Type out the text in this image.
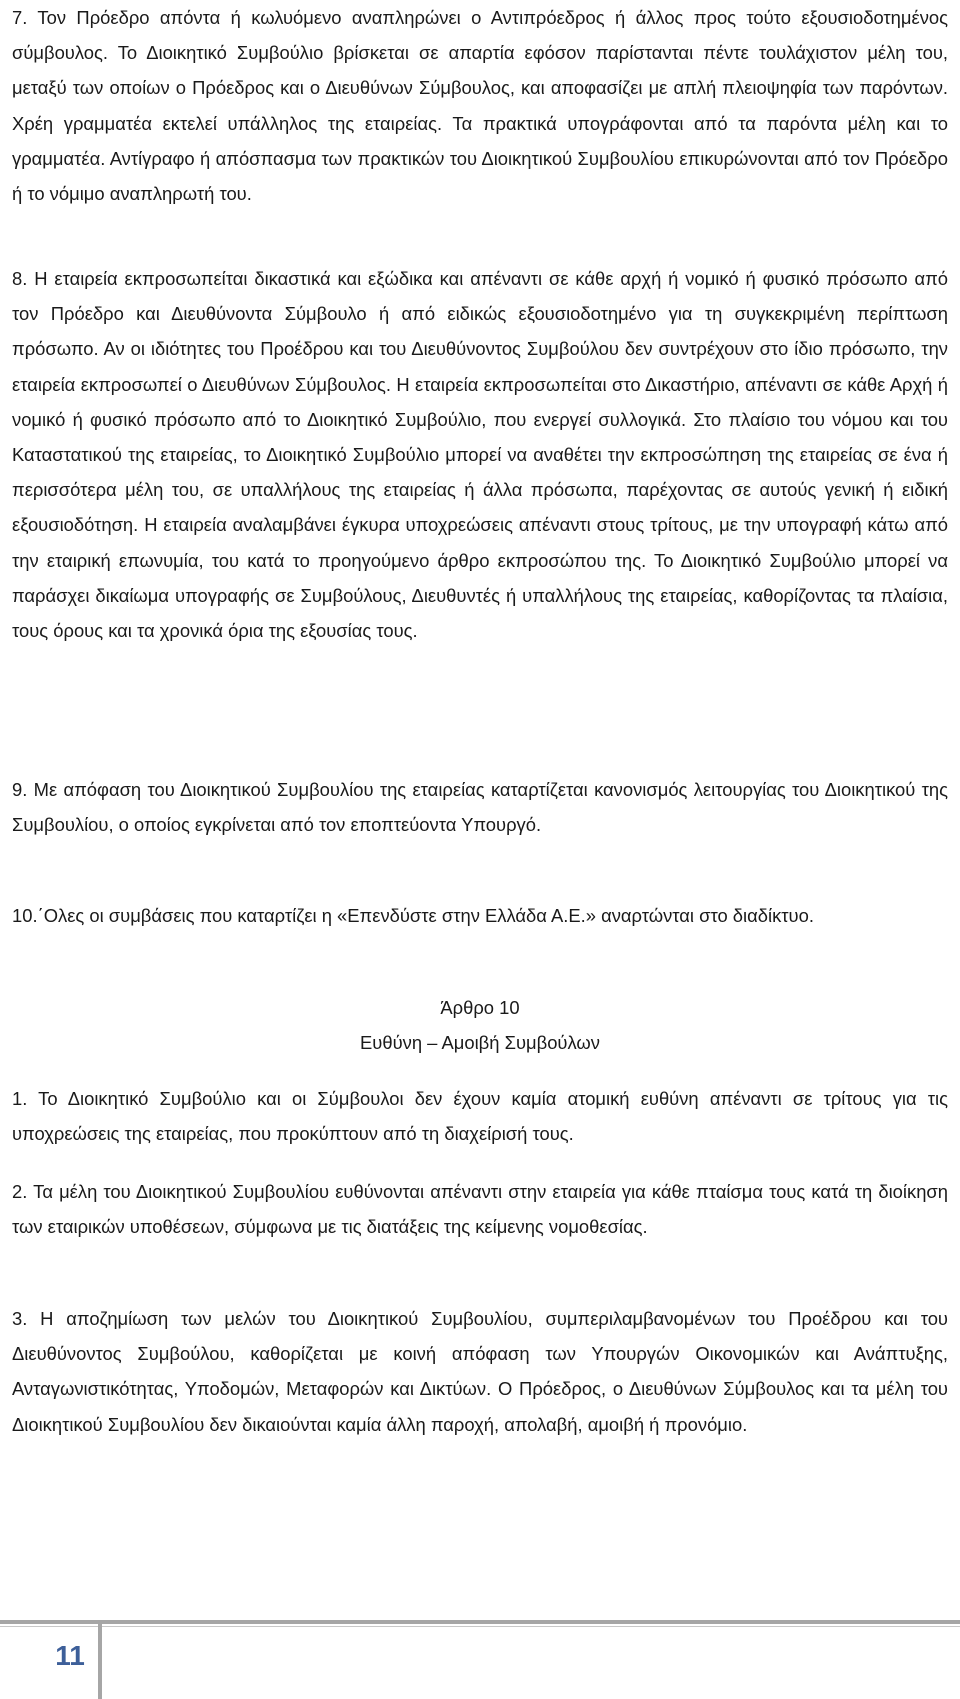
7. Τον Πρόεδρο απόντα ή κωλυόμενο αναπληρώνει ο Αντιπρόεδρος ή άλλος προς τούτο εξουσιοδοτημένος σύμβουλος. Το Διοικητικό Συμβούλιο βρίσκεται σε απαρτία εφόσον παρίστανται πέντε τουλάχιστον μέλη του, μεταξύ των οποίων ο Πρόεδρος και ο Διευθύνων Σύμβουλος, και αποφασίζει με απλή πλειοψηφία των παρόντων. Χρέη γραμματέα εκτελεί υπάλληλος της εταιρείας. Τα πρακτικά υπογράφονται από τα παρόντα μέλη και το γραμματέα. Αντίγραφο ή απόσπασμα των πρακτικών του Διοικητικού Συμβουλίου επικυρώνονται από τον Πρόεδρο ή το νόμιμο αναπληρωτή του.

8. Η εταιρεία εκπροσωπείται δικαστικά και εξώδικα και απέναντι σε κάθε αρχή ή νομικό ή φυσικό πρόσωπο από τον Πρόεδρο και Διευθύνοντα Σύμβουλο ή από ειδικώς εξουσιοδοτημένο για τη συγκεκριμένη περίπτωση πρόσωπο. Αν οι ιδιότητες του Προέδρου και του Διευθύνοντος Συμβούλου δεν συντρέχουν στο ίδιο πρόσωπο, την εταιρεία εκπροσωπεί ο Διευθύνων Σύμβουλος. Η εταιρεία εκπροσωπείται στο Δικαστήριο, απέναντι σε κάθε Αρχή ή νομικό ή φυσικό πρόσωπο από το Διοικητικό Συμβούλιο, που ενεργεί συλλογικά. Στο πλαίσιο του νόμου και του Καταστατικού της εταιρείας, το Διοικητικό Συμβούλιο μπορεί να αναθέτει την εκπροσώπηση της εταιρείας σε ένα ή περισσότερα μέλη του, σε υπαλλήλους της εταιρείας ή άλλα πρόσωπα, παρέχοντας σε αυτούς γενική ή ειδική εξουσιοδότηση. Η εταιρεία αναλαμβάνει έγκυρα υποχρεώσεις απέναντι στους τρίτους, με την υπογραφή κάτω από την εταιρική επωνυμία, του κατά το προηγούμενο άρθρο εκπροσώπου της. Το Διοικητικό Συμβούλιο μπορεί να παράσχει δικαίωμα υπογραφής σε Συμβούλους, Διευθυντές ή υπαλλήλους της εταιρείας, καθορίζοντας τα πλαίσια, τους όρους και τα χρονικά όρια της εξουσίας τους.

9. Με απόφαση του Διοικητικού Συμβουλίου της εταιρείας καταρτίζεται κανονισμός λειτουργίας του Διοικητικού της Συμβουλίου, ο οποίος εγκρίνεται από τον εποπτεύοντα Υπουργό.

10.΄Ολες οι συμβάσεις που καταρτίζει η «Επενδύστε στην Ελλάδα Α.Ε.» αναρτώνται στο διαδίκτυο.

Άρθρο 10

Ευθύνη – Αμοιβή Συμβούλων

1. Το Διοικητικό Συμβούλιο και οι Σύμβουλοι δεν έχουν καμία ατομική ευθύνη απέναντι σε τρίτους για τις υποχρεώσεις της εταιρείας, που προκύπτουν από τη διαχείρισή τους.

2. Τα μέλη του Διοικητικού Συμβουλίου ευθύνονται απέναντι στην εταιρεία για κάθε πταίσμα τους κατά τη διοίκηση των εταιρικών υποθέσεων, σύμφωνα με τις διατάξεις της κείμενης νομοθεσίας.

3. Η αποζημίωση των μελών του Διοικητικού Συμβουλίου, συμπεριλαμβανομένων του Προέδρου και του Διευθύνοντος Συμβούλου, καθορίζεται με κοινή απόφαση των Υπουργών Οικονομικών και Ανάπτυξης, Ανταγωνιστικότητας, Υποδομών, Μεταφορών και Δικτύων. Ο Πρόεδρος, ο Διευθύνων Σύμβουλος και τα μέλη του Διοικητικού Συμβουλίου δεν δικαιούνται καμία άλλη παροχή, απολαβή, αμοιβή ή προνόμιο.

11
